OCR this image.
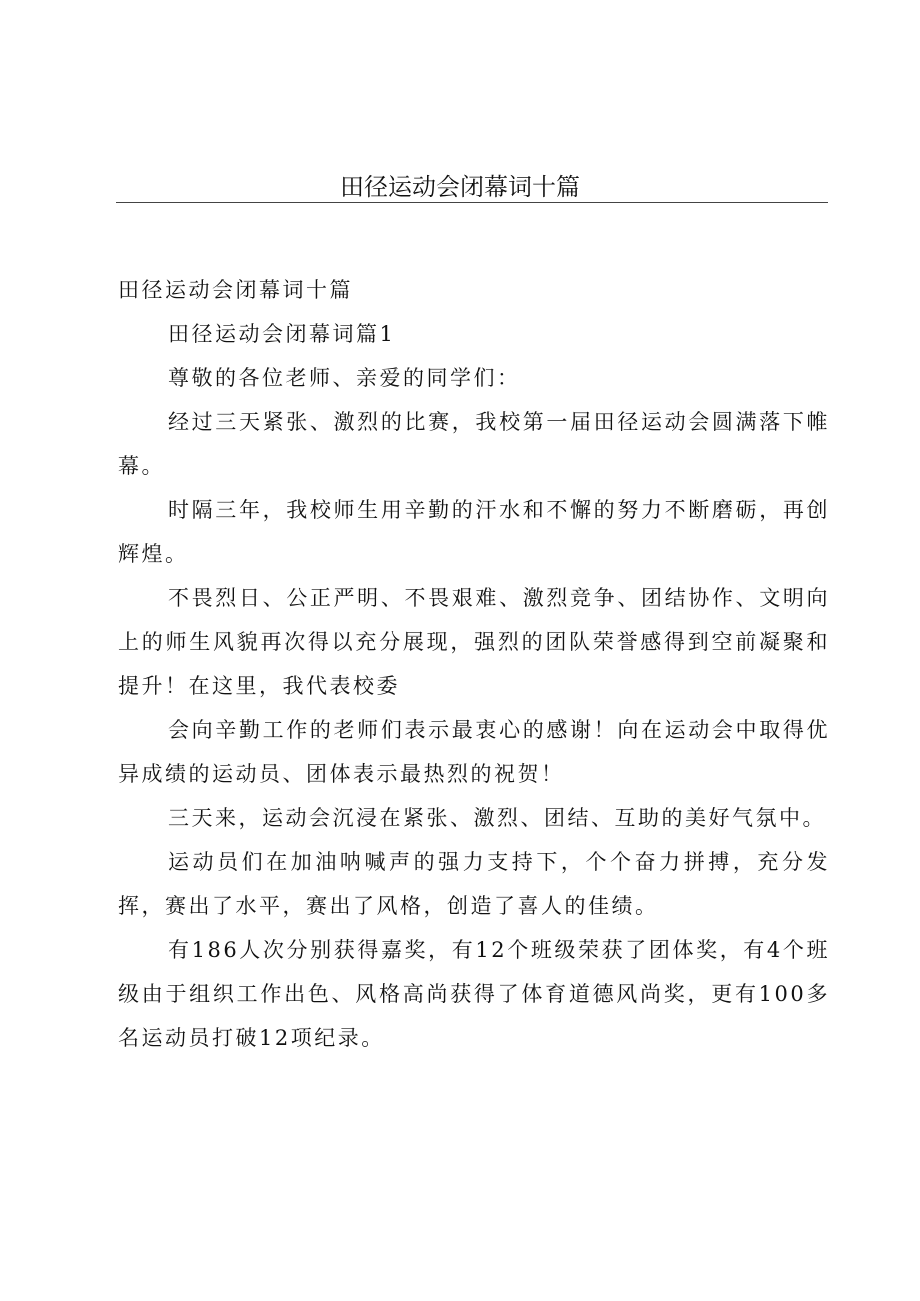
田径运动会闭幕词十篇

田径运动会闭幕词十篇

田径运动会闭幕词篇1

尊敬的各位老师、亲爱的同学们：

经过三天紧张、激烈的比赛，我校第一届田径运动会圆满落下帷幕。

时隔三年，我校师生用辛勤的汗水和不懈的努力不断磨砺，再创辉煌。

不畏烈日、公正严明、不畏艰难、激烈竞争、团结协作、文明向上的师生风貌再次得以充分展现，强烈的团队荣誉感得到空前凝聚和提升！在这里，我代表校委

会向辛勤工作的老师们表示最衷心的感谢！向在运动会中取得优异成绩的运动员、团体表示最热烈的祝贺！

三天来，运动会沉浸在紧张、激烈、团结、互助的美好气氛中。

运动员们在加油呐喊声的强力支持下，个个奋力拼搏，充分发挥，赛出了水平，赛出了风格，创造了喜人的佳绩。

有186人次分别获得嘉奖，有12个班级荣获了团体奖，有4个班级由于组织工作出色、风格高尚获得了体育道德风尚奖，更有100多名运动员打破12项纪录。
